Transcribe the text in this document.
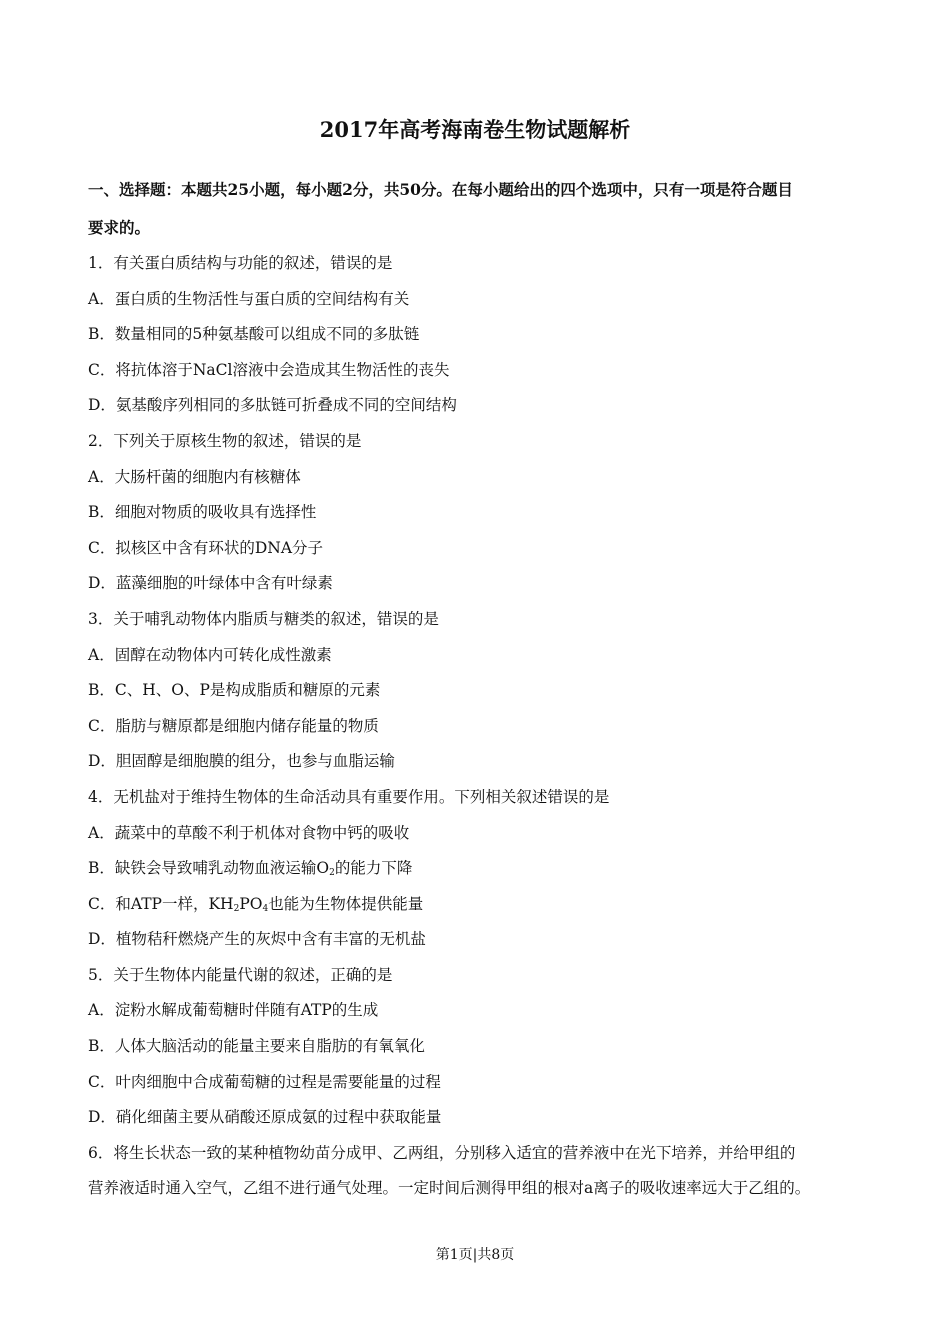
2017年高考海南卷生物试题解析
一、选择题：本题共25小题，每小题2分，共50分。在每小题给出的四个选项中，只有一项是符合题目
要求的。
1．有关蛋白质结构与功能的叙述，错误的是
A．蛋白质的生物活性与蛋白质的空间结构有关
B．数量相同的5种氨基酸可以组成不同的多肽链
C．将抗体溶于NaCl溶液中会造成其生物活性的丧失
D．氨基酸序列相同的多肽链可折叠成不同的空间结构
2．下列关于原核生物的叙述，错误的是
A．大肠杆菌的细胞内有核糖体
B．细胞对物质的吸收具有选择性
C．拟核区中含有环状的DNA分子
D．蓝藻细胞的叶绿体中含有叶绿素
3．关于哺乳动物体内脂质与糖类的叙述，错误的是
A．固醇在动物体内可转化成性激素
B．C、H、O、P是构成脂质和糖原的元素
C．脂肪与糖原都是细胞内储存能量的物质
D．胆固醇是细胞膜的组分，也参与血脂运输
4．无机盐对于维持生物体的生命活动具有重要作用。下列相关叙述错误的是
A．蔬菜中的草酸不利于机体对食物中钙的吸收
B．缺铁会导致哺乳动物血液运输$O_2$的能力下降
C．和ATP一样，$KH_2PO_4$也能为生物体提供能量
D．植物秸秆燃烧产生的灰烬中含有丰富的无机盐
5．关于生物体内能量代谢的叙述，正确的是
A．淀粉水解成葡萄糖时伴随有ATP的生成
B．人体大脑活动的能量主要来自脂肪的有氧氧化
C．叶肉细胞中合成葡萄糖的过程是需要能量的过程
D．硝化细菌主要从硝酸还原成氨的过程中获取能量
6．将生长状态一致的某种植物幼苗分成甲、乙两组，分别移入适宜的营养液中在光下培养，并给甲组的
营养液适时通入空气，乙组不进行通气处理。一定时间后测得甲组的根对a离子的吸收速率远大于乙组的。
第1页|共8页
